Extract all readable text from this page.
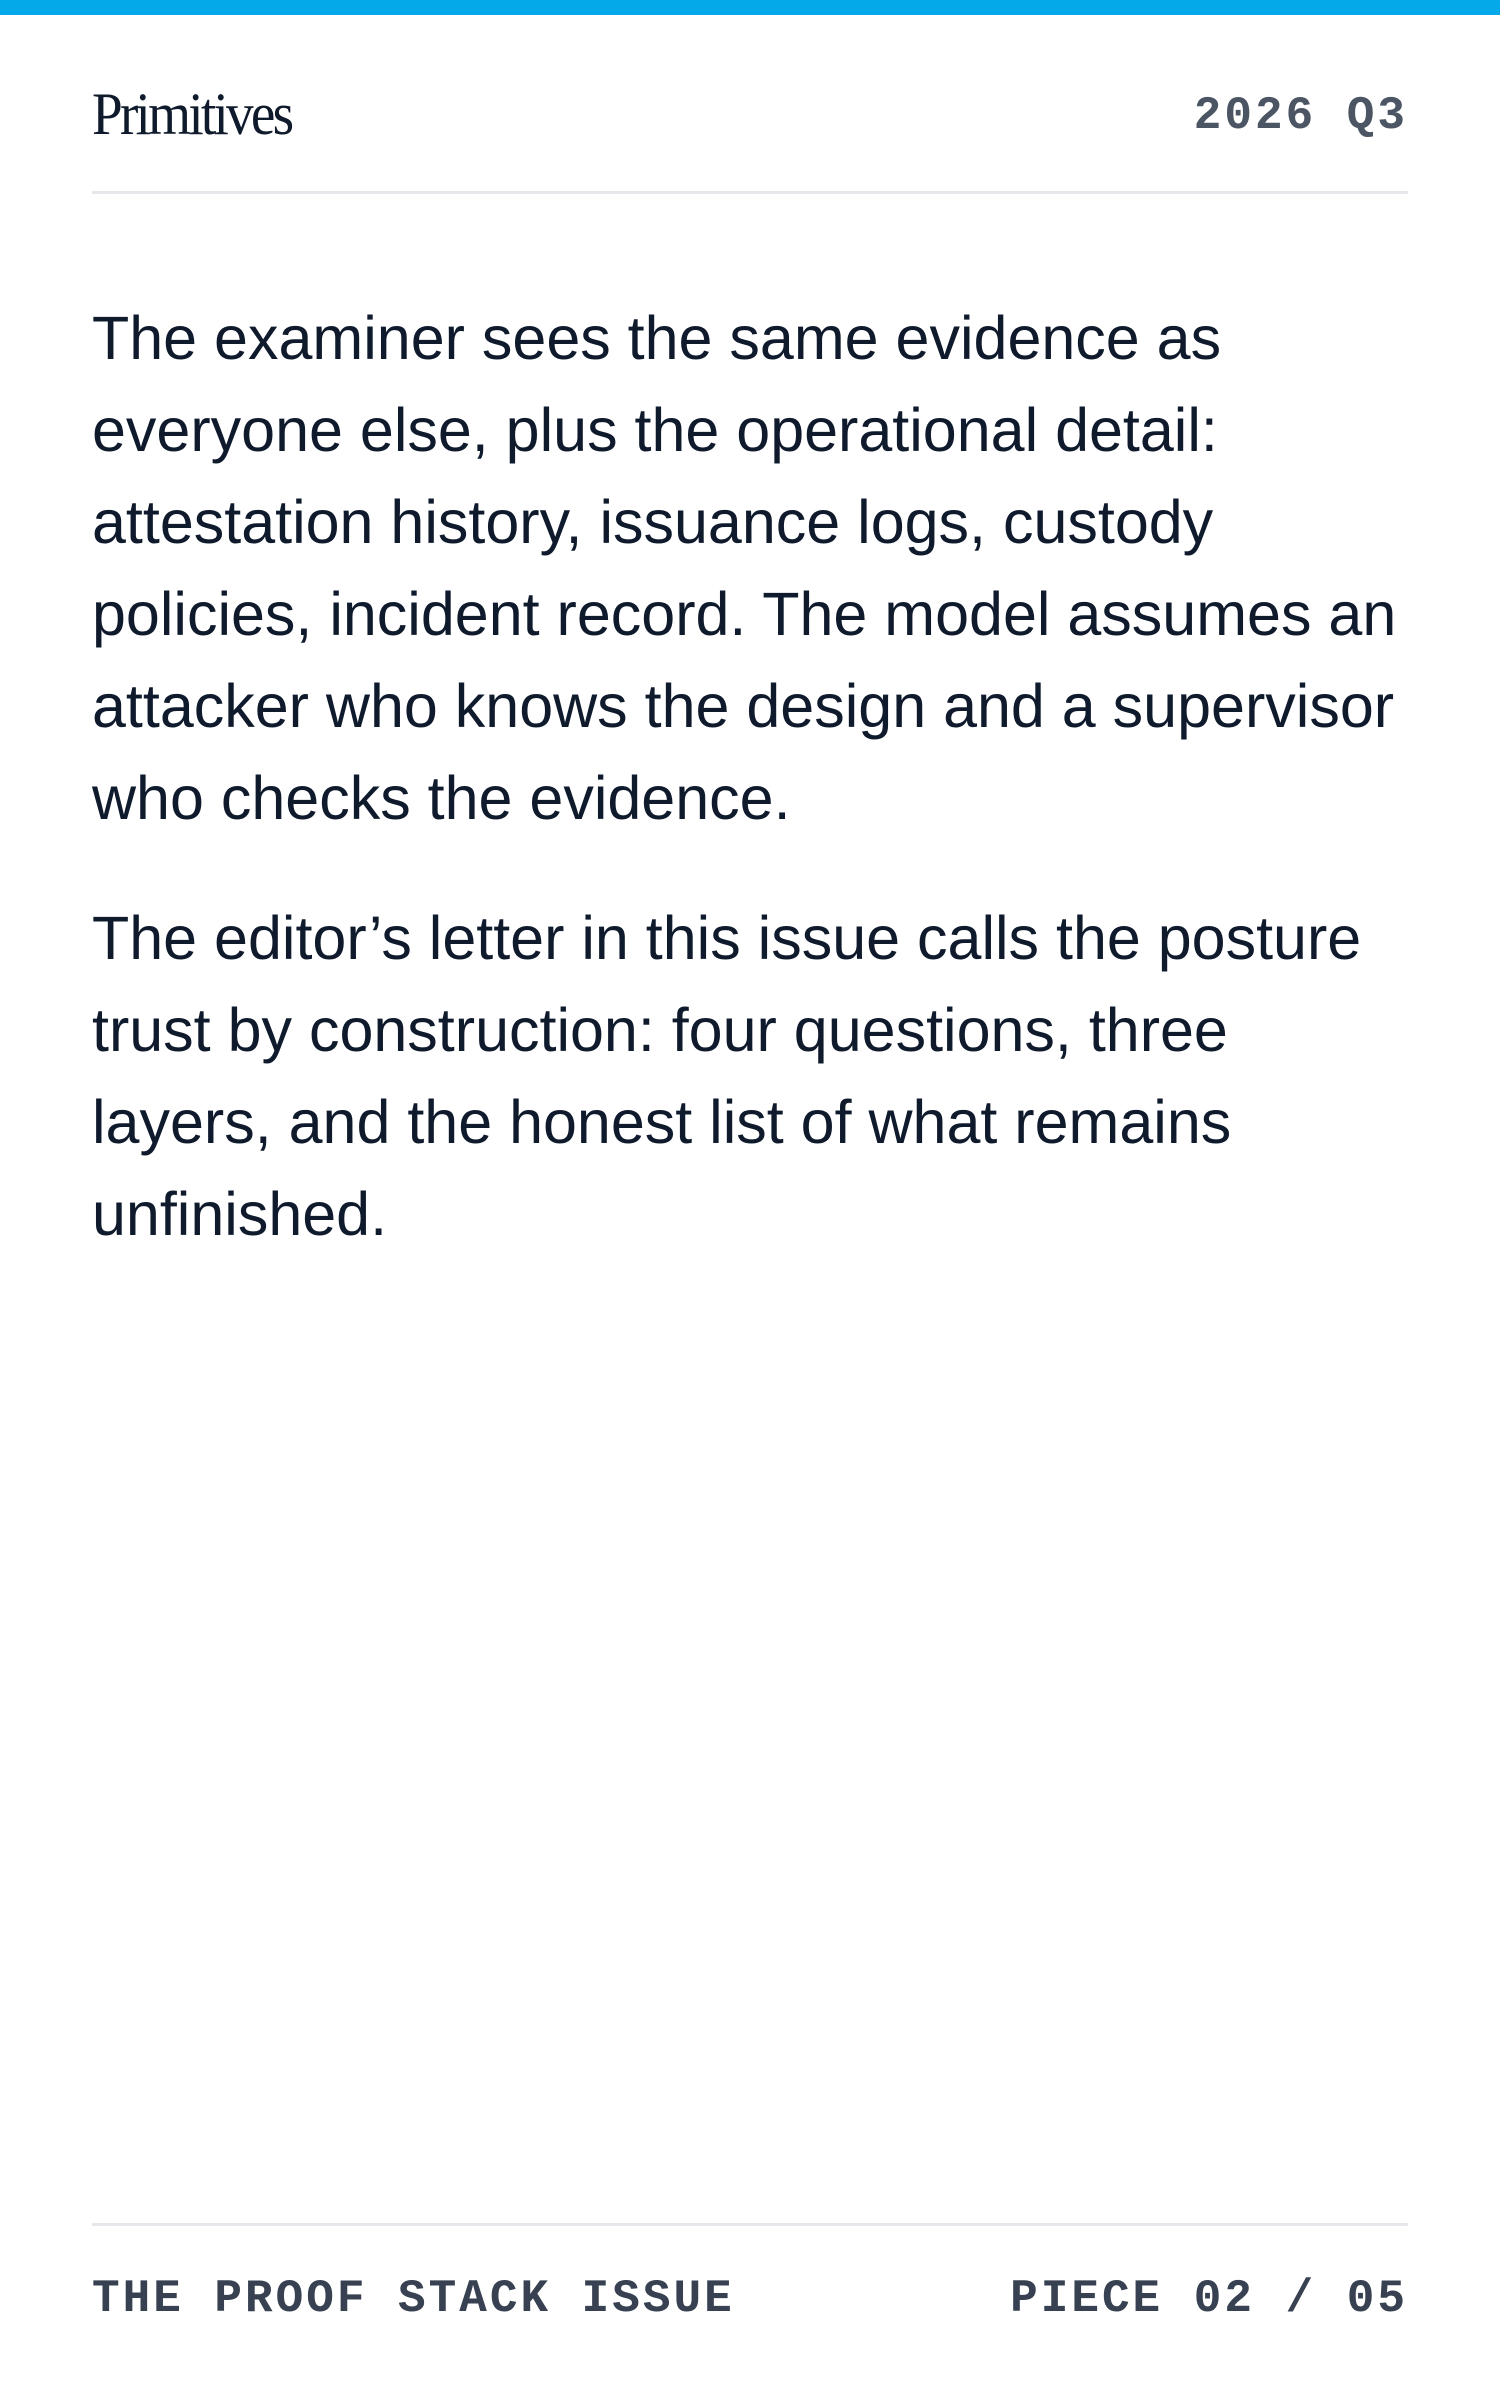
Primitives	2026 Q3

The examiner sees the same evidence as everyone else, plus the operational detail: attestation history, issuance logs, custody policies, incident record. The model assumes an attacker who knows the design and a supervisor who checks the evidence.

The editor’s letter in this issue calls the posture trust by construction: four questions, three layers, and the honest list of what remains unfinished.

THE PROOF STACK ISSUE	PIECE 02 / 05
